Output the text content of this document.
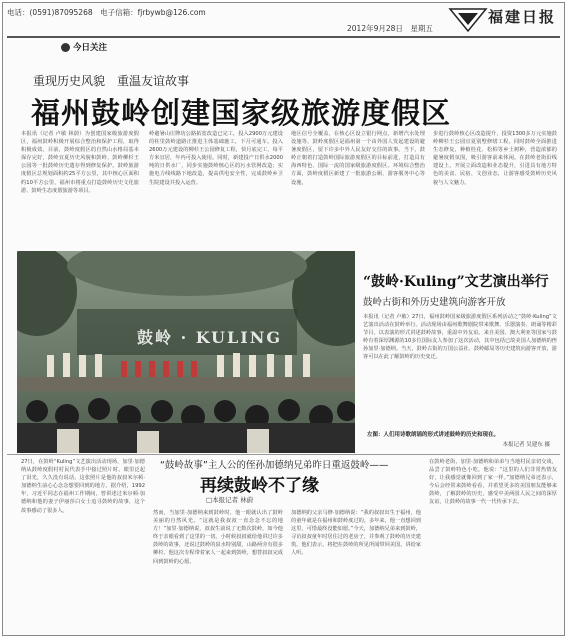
电话：(0591)87095268　电子信箱：fjrbywb@126.com
2012年9月28日　星期五
福建日报
今日关注
重现历史风貌　重温友谊故事
福州鼓岭创建国家级旅游度假区
本报讯（记者 卢敏 林蔚）为创建国家级旅游度假区，福州鼓岭积极开展综合整治和保护工程，取得积极成效。目前，鼓岭度假区的自然山水格局基本保存完好，鼓岭宜夏历史风貌和鼓岭、鼓岭柳杉王公园等一批鼓岭历史遗存得到修复保护。鼓岭旅游度假区总规划面积约25平方公里，其中核心区面积约10平方公里，福州市将重点打造鼓岭历史文化旅游、鼓岭生态度假旅游等项目。
岭避暑山庄牌坊公路拓宽改造已完工，投入2900万元建设的柱里鼓岭道路正推进主体基础施工，下月可通车。投入2600万元建设的柳杉王公园修复工程，快月底完工，每平方米宜居，年内可投入使用。同时，新建投产日供水2000吨的日供水厂，同步实施鼓岭核心区的污水管网改造；实施电力线线路下地改造，提高供电安全性，完成鼓岭乡卫生院建设并投入运营。
地区信号全覆盖，在核心区设立银行网点，新增汽水处理设施等。鼓岭度假区是福州第一个由外国人发起建设的避暑度假区，留下许多中外人民友好交往的故事。当下，鼓岭正朝着打造鼓岭国际旅游度假区的目标前进，打造具有海西特色、国际一流的国家级旅游度假区。环境综合整治方面，鼓岭度假区新建了一批旅游公厕、游客服务中心等设施。
步进行鼓岭核心区改造提升，投资1300多万元实施鼓岭柳杉王公园宜夏别墅修缮工程。同时鼓岭全面推进生态修复，种植桂花、松柏等乡土树种，营造浓郁的避暑度假氛围，吸引游客前来休闲。在鼓岭老街沿线建设上，开展立面改造和业态提升，引进具有地方特色的美食、民宿、文创业态，让游客感受鼓岭历史风貌与人文魅力。
鼓岭 · KULING
“鼓岭·Kuling”文艺演出举行
鼓岭古街和外历史建筑向游客开放
本报讯（记者 卢敏）27日，福州鼓岭国家级旅游度假区系列活动之“鼓岭·Kuling”文艺演出活动在鼓岭举行。活动现场由福州歌舞剧院带来歌舞、乐器演奏、朗诵等精彩节目，以表演的形式讲述鼓岭故事，重温中外友谊。来自美国、澳大利亚等国家与鼓岭有着深厚渊源的10多位国际友人参加了这次活动，其中包括已故美国人加德纳的侄孙加里·加德纳。当天，鼓岭古街的万国公益社、鼓岭邮局等历史建筑向游客开放，游客可以在此了解鼓岭的历史变迁。
左图：人们用诗歌朗诵的形式讲述鼓岭的历史和现在。
本报记者 吴建东 摄
“鼓岭故事”主人公的侄孙加德纳兄弟昨日重返鼓岭——
再续鼓岭不了缘
□本报记者 林蔚
27日，在鼓岭“Kuling”文艺演出活动现场，加里·加德纳从鼓岭度假村村民代表手中接过照片时，眼里泛起了泪光，久久没有说话。这张照片是他的叔叔米尔顿·加德纳生前心心念念想要回到的地方。据介绍，1992年，习近平同志在福州工作期间，曾讲述过米尔顿·加德纳和他的妻子伊丽莎白女士追寻鼓岭的故事，这个故事感动了很多人。	然而，当加里·加德纳来到鼓岭时，他一眼就认出了鼓岭美丽的自然风光。“这就是我叔叔一直念念不忘的地方！”加里·加德纳说，叔叔生前说了无数次鼓岭，如今他终于亲眼看到了这里的一切。小时候叔叔就给他讲过许多鼓岭的故事，还说过鼓岭的泉水特别甜，山路两旁有很多柳杉。他这次专程带着家人一起来到鼓岭，想替叔叔完成回到鼓岭的心愿。
加德纳的父亲马修·加德纳说：“我的叔叔出生于福州，他的童年就是在福州和鼓岭度过的。多年来，他一直想回到这里，可惜最终没能如愿。”今天，加德纳兄弟来到鼓岭，寻访叔叔童年时居住过的老房子，并参观了鼓岭的历史建筑。他们表示，将把在鼓岭的所见所闻带回美国，讲给家人听。
在鼓岭老街，加里·加德纳和弟弟与当地村民亲切交谈，品尝了鼓岭特色小吃。他说：“这里的人们非常热情友好，让我感觉就像回到了家一样。”加德纳兄弟还表示，今后会经常来鼓岭看看，并希望更多的美国朋友能够来鼓岭，了解鼓岭的历史，感受中美两国人民之间的深厚友谊，让鼓岭的故事一代一代传承下去。
